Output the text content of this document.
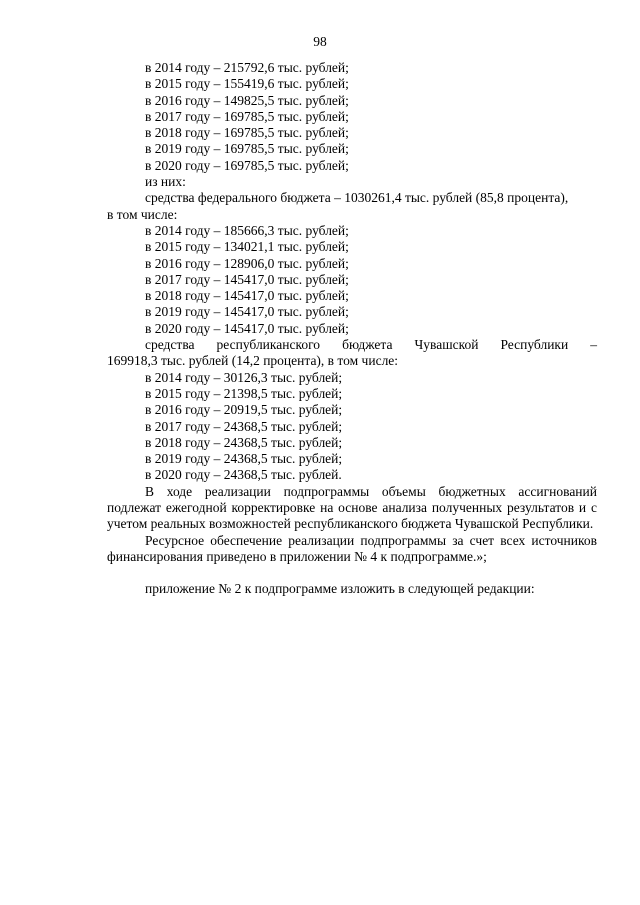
98
в 2014 году – 215792,6 тыс. рублей;
в 2015 году – 155419,6 тыс. рублей;
в 2016 году – 149825,5 тыс. рублей;
в 2017 году – 169785,5 тыс. рублей;
в 2018 году – 169785,5 тыс. рублей;
в 2019 году – 169785,5 тыс. рублей;
в 2020 году – 169785,5 тыс. рублей;
из них:
средства федерального бюджета – 1030261,4 тыс. рублей (85,8 процента),
в том числе:
в 2014 году – 185666,3 тыс. рублей;
в 2015 году – 134021,1 тыс. рублей;
в 2016 году – 128906,0 тыс. рублей;
в 2017 году – 145417,0 тыс. рублей;
в 2018 году – 145417,0 тыс. рублей;
в 2019 году – 145417,0 тыс. рублей;
в 2020 году – 145417,0 тыс. рублей;
средства республиканского бюджета Чувашской Республики –
169918,3 тыс. рублей (14,2 процента), в том числе:
в 2014 году – 30126,3 тыс. рублей;
в 2015 году – 21398,5 тыс. рублей;
в 2016 году – 20919,5 тыс. рублей;
в 2017 году – 24368,5 тыс. рублей;
в 2018 году – 24368,5 тыс. рублей;
в 2019 году – 24368,5 тыс. рублей;
в 2020 году – 24368,5 тыс. рублей.
В ходе реализации подпрограммы объемы бюджетных ассигнований подлежат ежегодной корректировке на основе анализа полученных результатов и с учетом реальных возможностей республиканского бюджета Чувашской Республики.
Ресурсное обеспечение реализации подпрограммы за счет всех источников финансирования приведено в приложении № 4 к подпрограмме.»;
приложение № 2 к подпрограмме изложить в следующей редакции:
